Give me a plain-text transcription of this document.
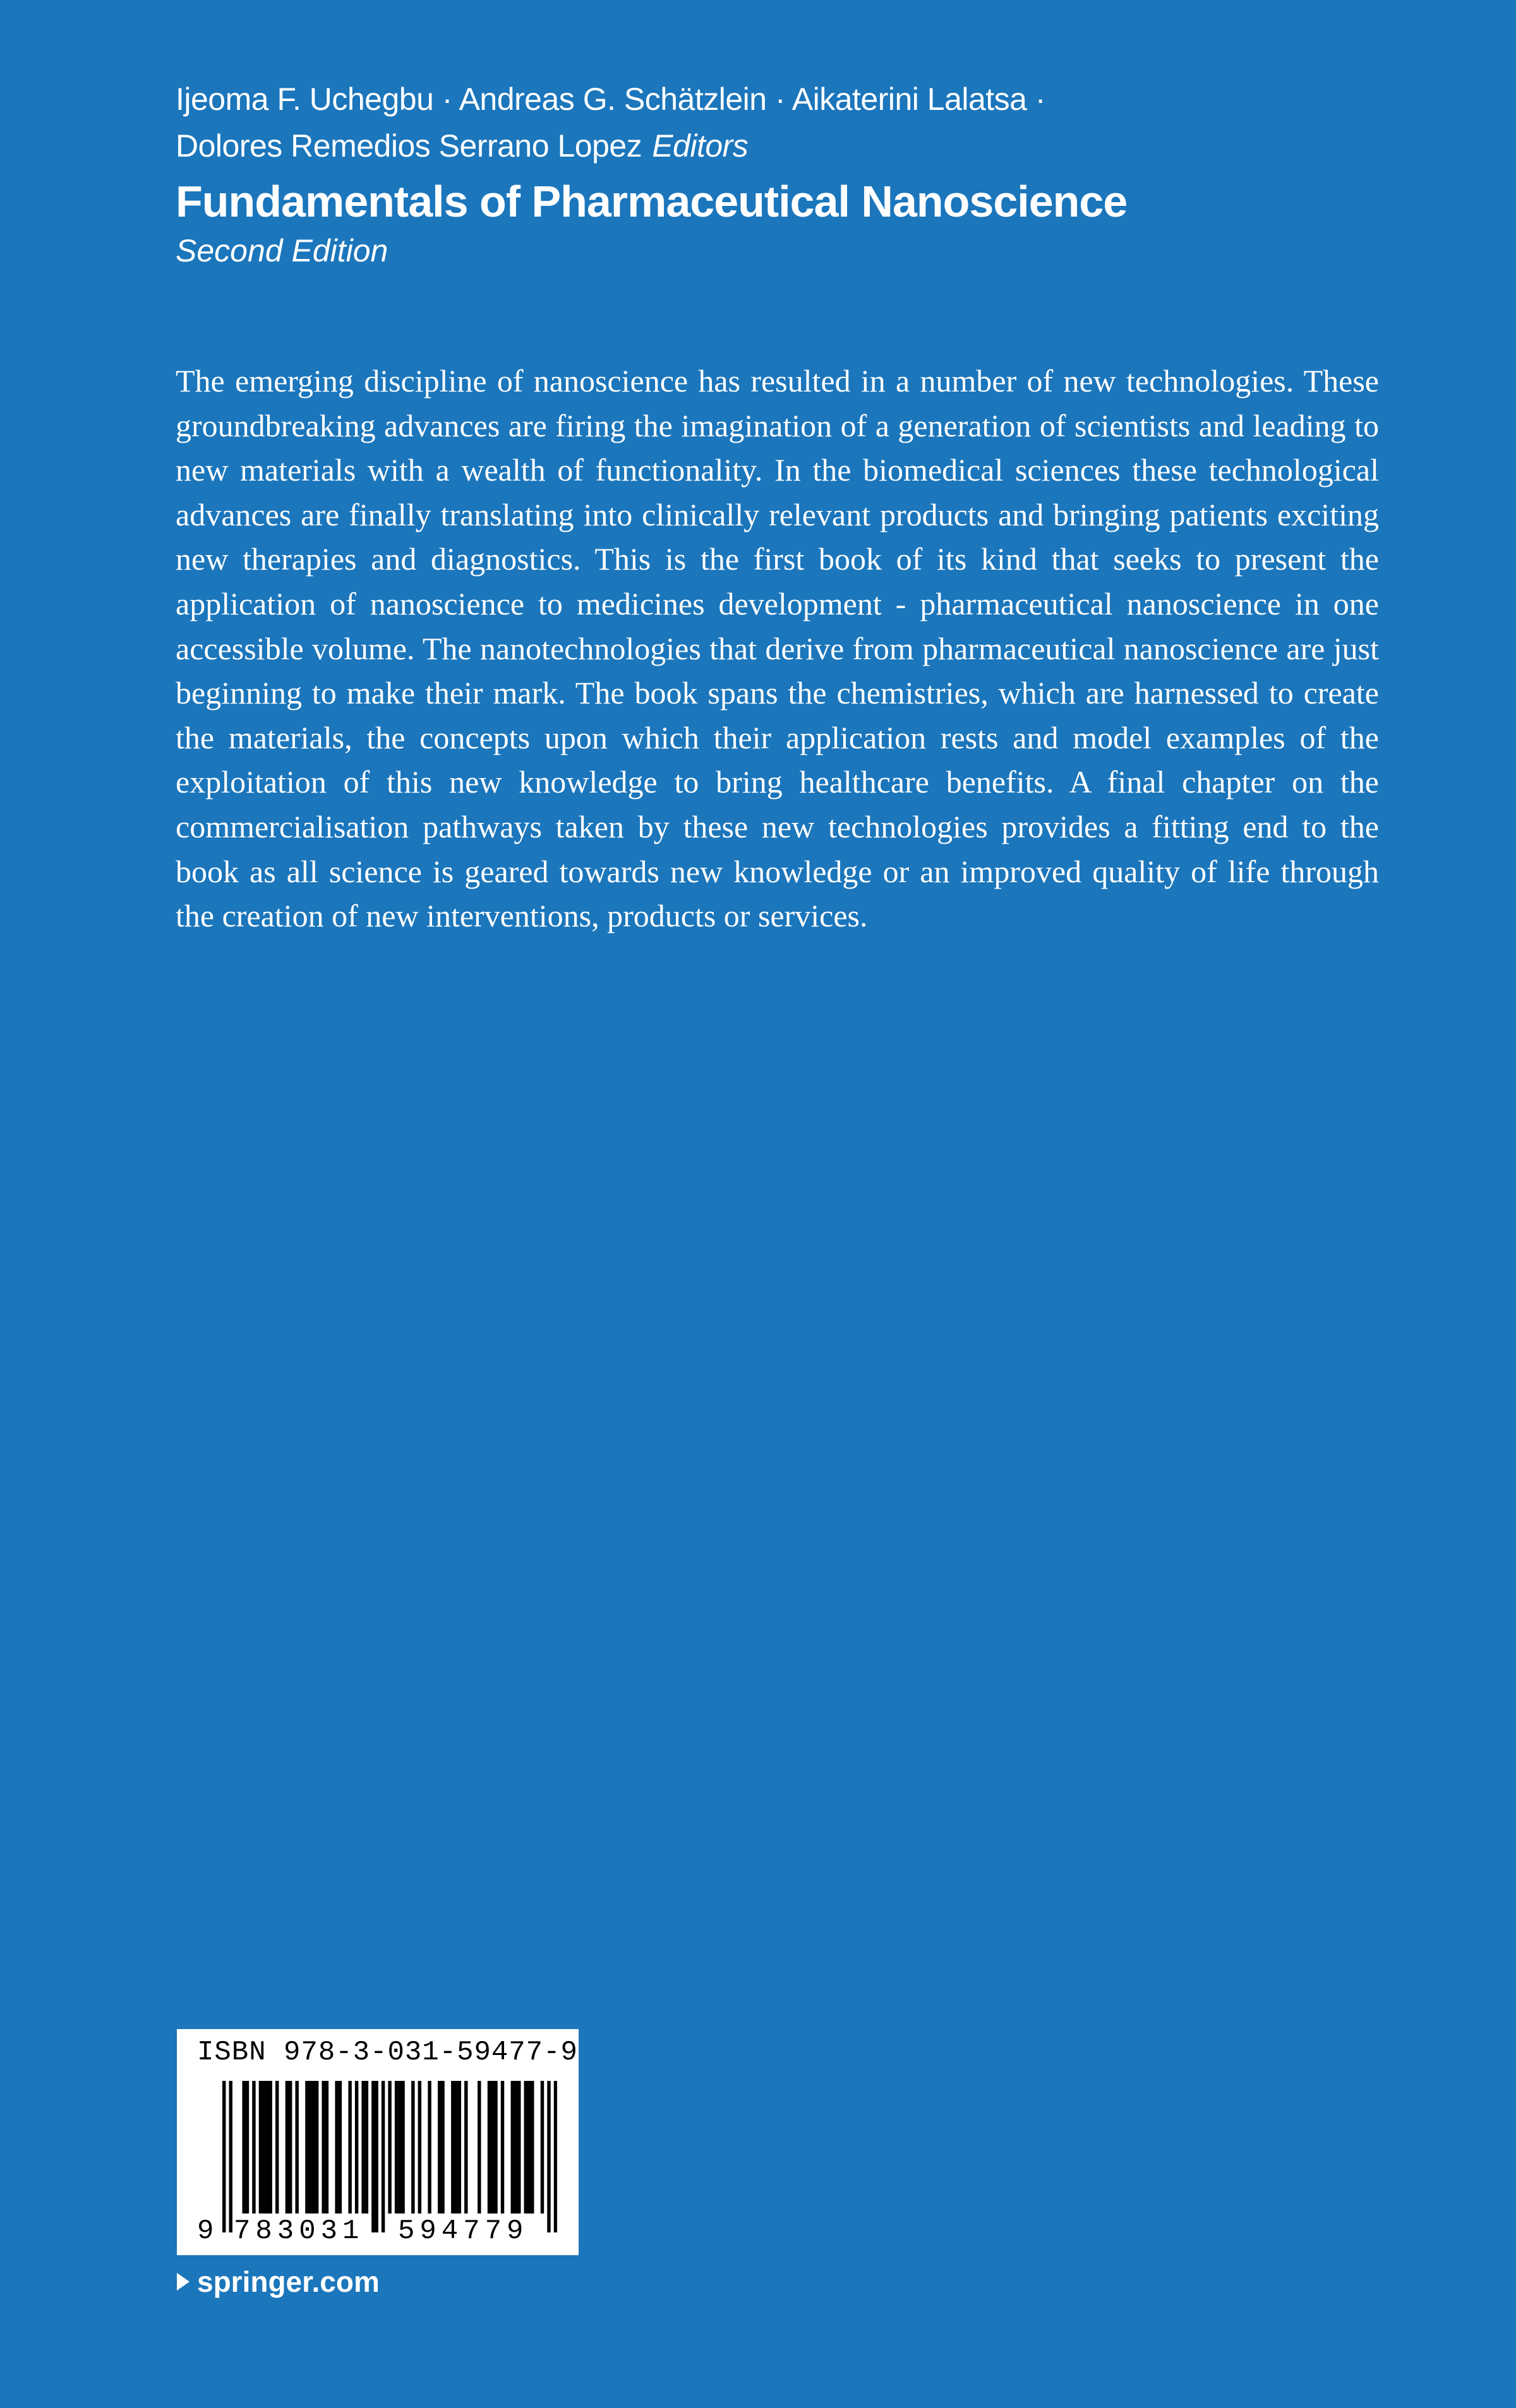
Ijeoma F. Uchegbu · Andreas G. Schätzlein · Aikaterini Lalatsa ·
Dolores Remedios Serrano Lopez Editors
Fundamentals of Pharmaceutical Nanoscience
Second Edition

The emerging discipline of nanoscience has resulted in a number of new technologies. These groundbreaking advances are firing the imagination of a generation of scientists and leading to new materials with a wealth of functionality. In the biomedical sciences these technological advances are finally translating into clinically relevant products and bringing patients exciting new therapies and diagnostics. This is the first book of its kind that seeks to present the application of nanoscience to medicines development - pharmaceutical nanoscience in one accessible volume. The nanotechnologies that derive from pharmaceutical nanoscience are just beginning to make their mark. The book spans the chemistries, which are harnessed to create the materials, the concepts upon which their application rests and model examples of the exploitation of this new knowledge to bring healthcare benefits. A final chapter on the commercialisation pathways taken by these new technologies provides a fitting end to the book as all science is geared towards new knowledge or an improved quality of life through the creation of new interventions, products or services.

ISBN 978-3-031-59477-9
9 783031 594779
springer.com
